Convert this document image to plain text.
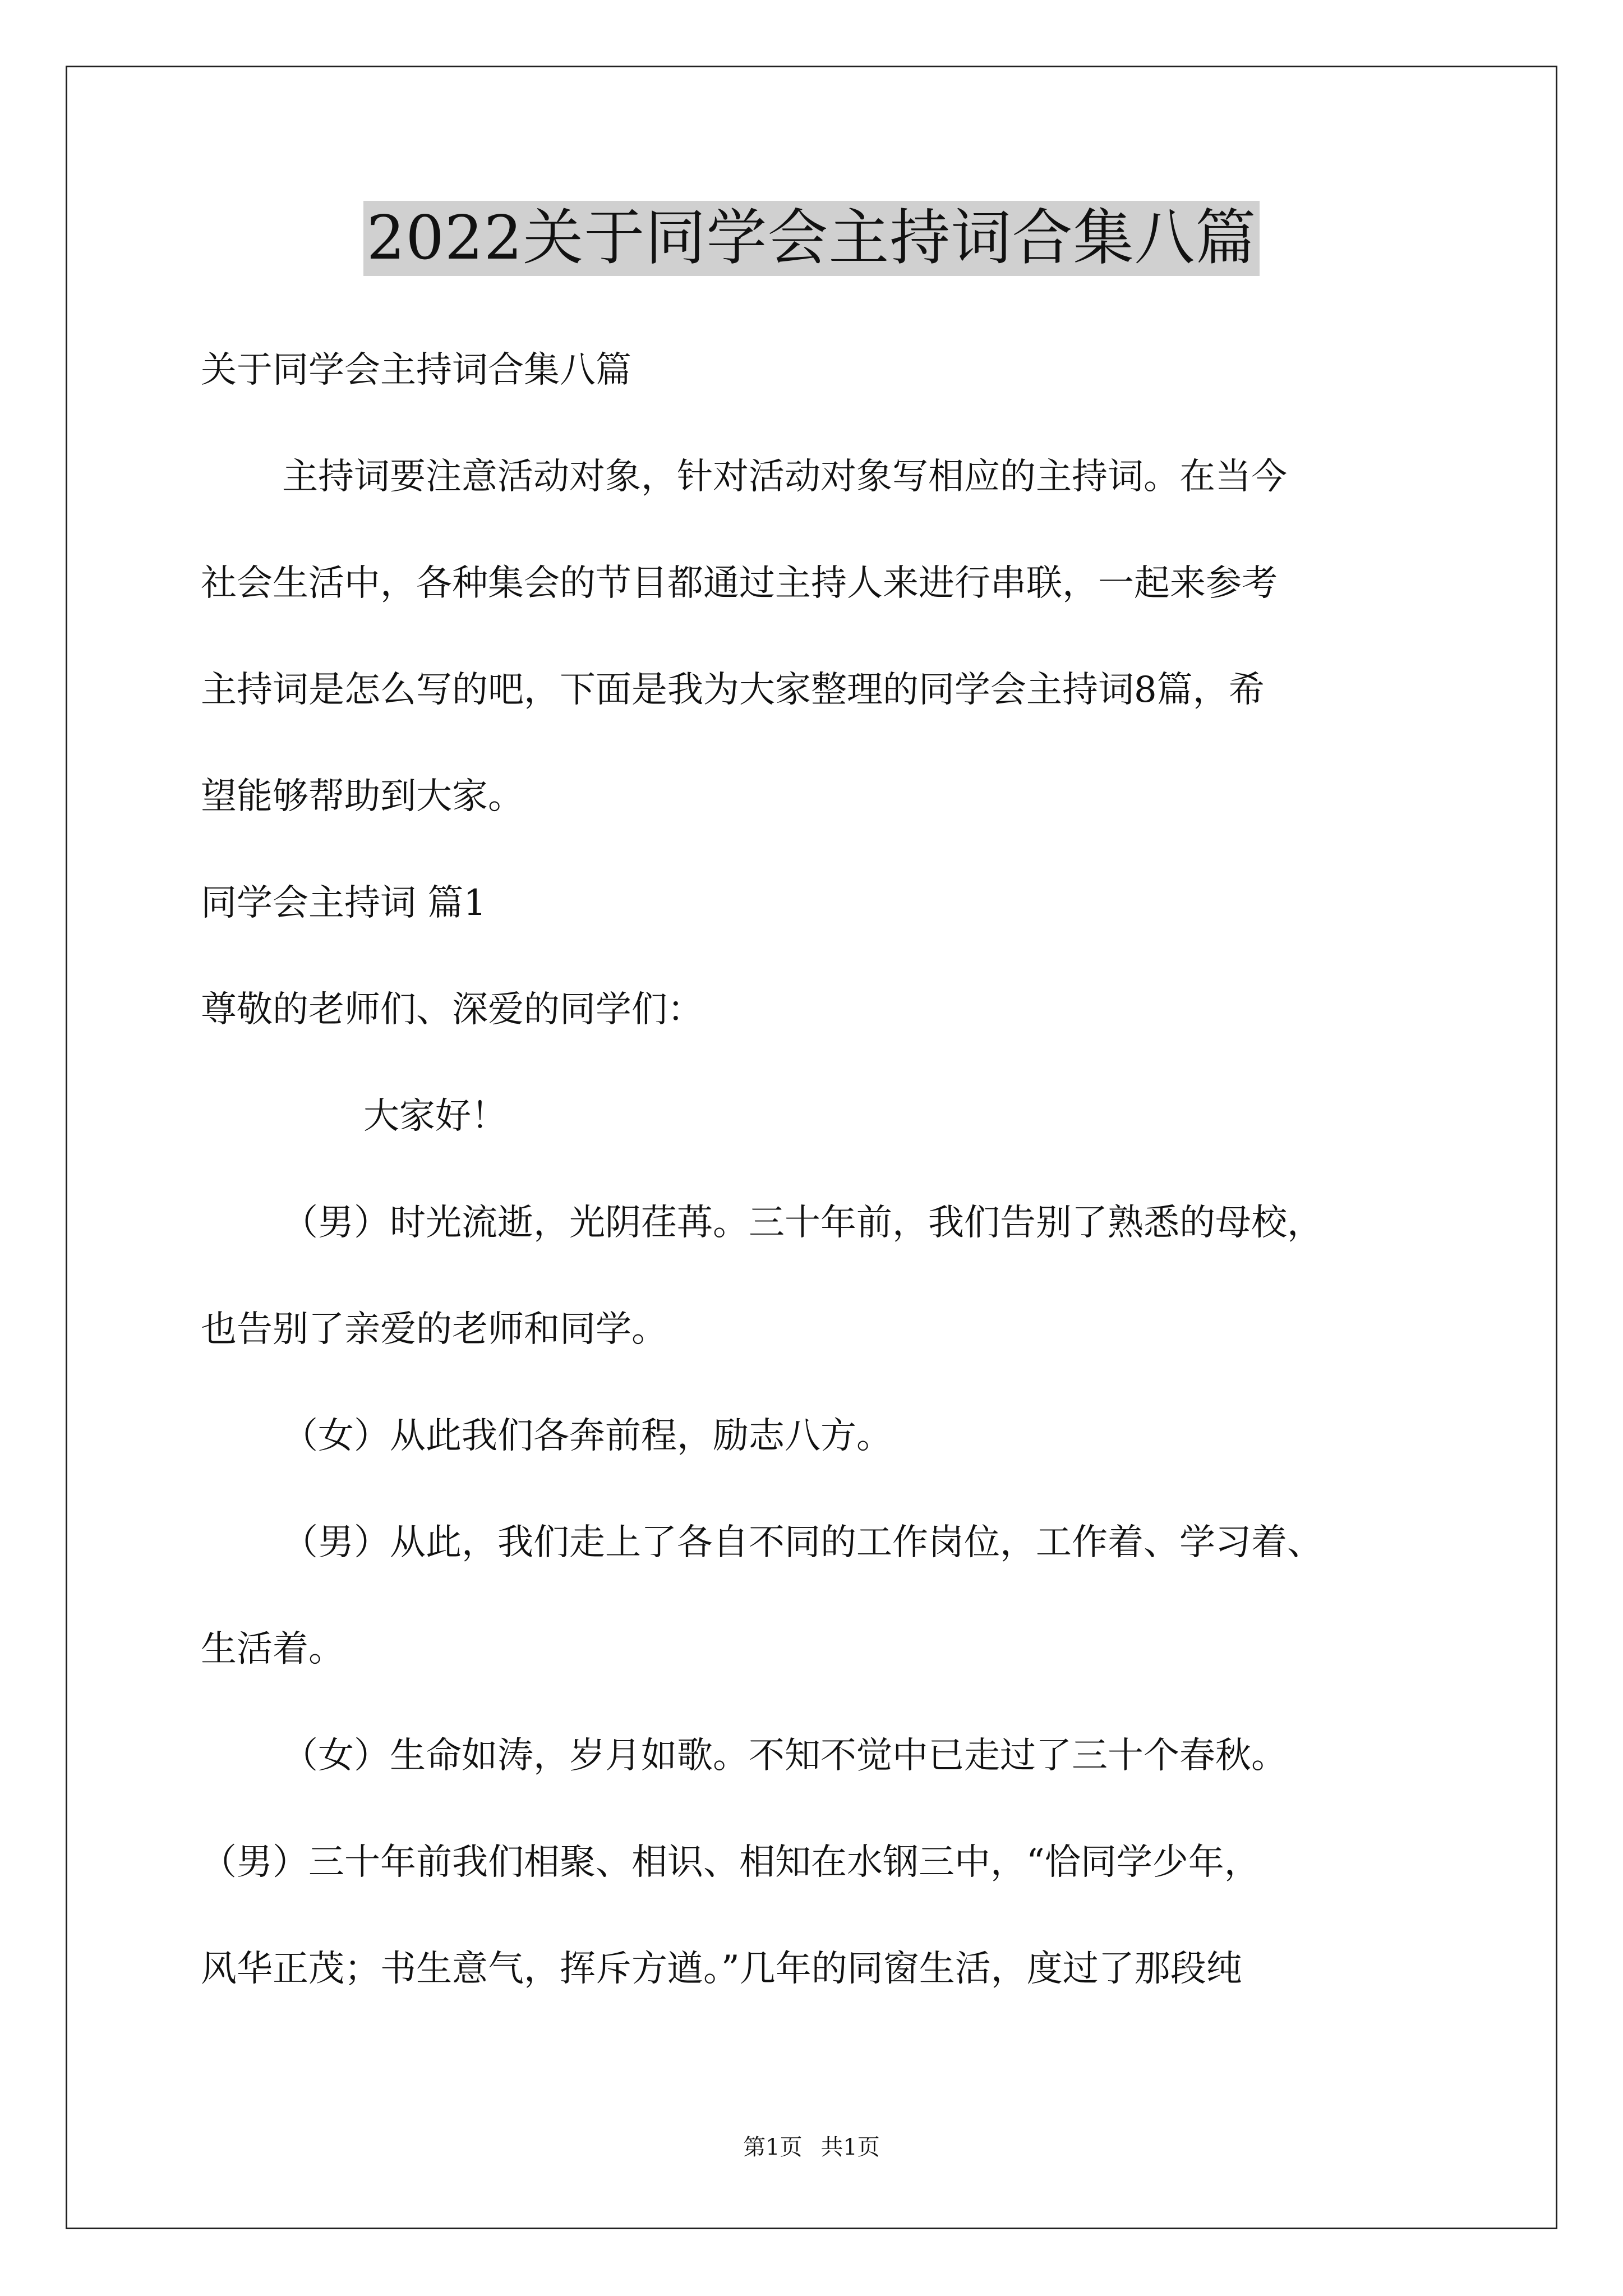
2022关于同学会主持词合集八篇
关于同学会主持词合集八篇
主持词要注意活动对象，针对活动对象写相应的主持词。在当今
社会生活中，各种集会的节目都通过主持人来进行串联，一起来参考
主持词是怎么写的吧，下面是我为大家整理的同学会主持词8篇，希
望能够帮助到大家。
同学会主持词 篇1
尊敬的老师们、深爱的同学们：
大家好！
（男）时光流逝，光阴荏苒。三十年前，我们告别了熟悉的母校，
也告别了亲爱的老师和同学。
（女）从此我们各奔前程，励志八方。
（男）从此，我们走上了各自不同的工作岗位，工作着、学习着、
生活着。
（女）生命如涛，岁月如歌。不知不觉中已走过了三十个春秋。
（男）三十年前我们相聚、相识、相知在水钢三中，“恰同学少年，
风华正茂；书生意气，挥斥方遒。”几年的同窗生活，度过了那段纯
第1页 共1页
